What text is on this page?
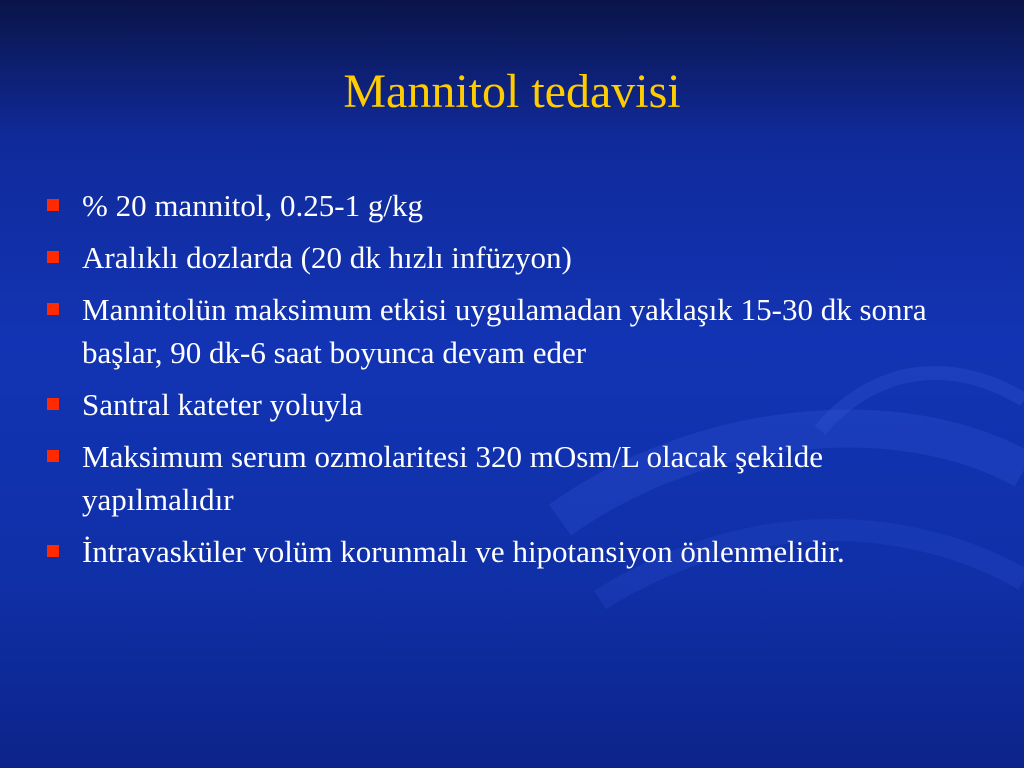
Mannitol tedavisi
% 20 mannitol, 0.25-1 g/kg
Aralıklı dozlarda (20 dk hızlı infüzyon)
Mannitolün maksimum etkisi uygulamadan yaklaşık 15-30 dk sonra başlar, 90 dk-6 saat boyunca devam eder
Santral kateter yoluyla
Maksimum serum ozmolaritesi 320 mOsm/L olacak şekilde yapılmalıdır
İntravasküler volüm korunmalı ve hipotansiyon önlenmelidir.
